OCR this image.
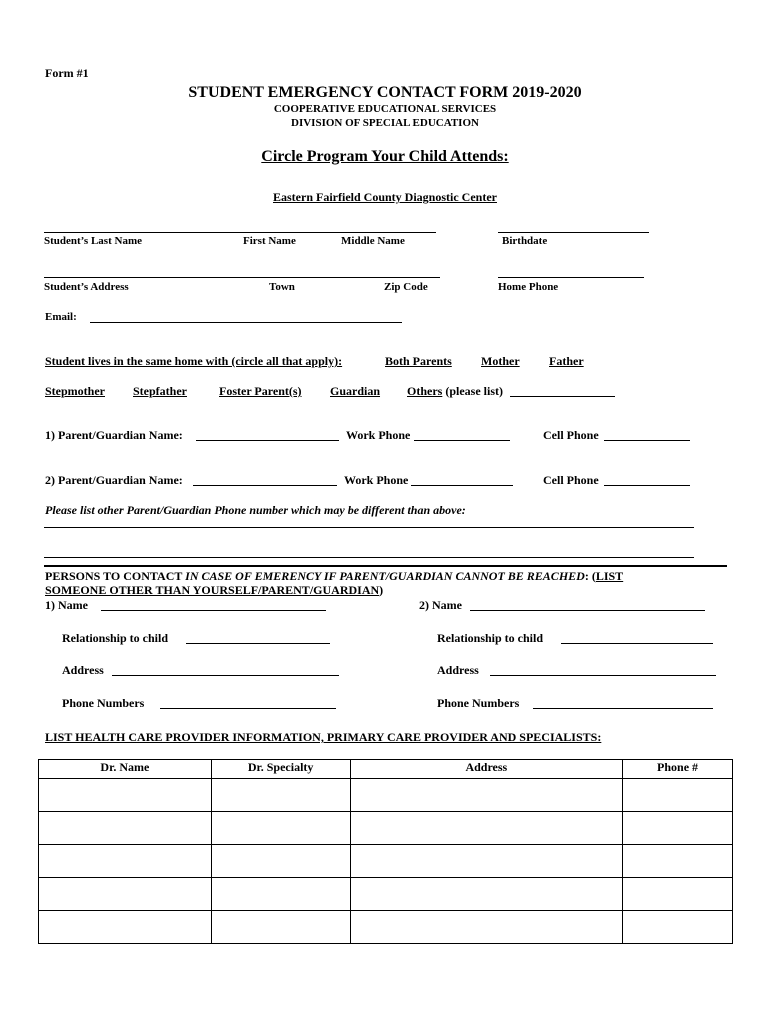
Form #1
STUDENT EMERGENCY CONTACT FORM 2019-2020
COOPERATIVE EDUCATIONAL SERVICES
DIVISION OF SPECIAL EDUCATION
Circle Program Your Child Attends:
Eastern Fairfield County Diagnostic Center
Student’s Last Name	First Name	Middle Name	Birthdate
Student’s Address	Town	Zip Code	Home Phone
Email:
Student lives in the same home with (circle all that apply):	Both Parents Mother Father
Stepmother Stepfather	Foster Parent(s) Guardian Others (please list)
1) Parent/Guardian Name:	Work Phone	Cell Phone
2) Parent/Guardian Name:	Work Phone	Cell Phone
Please list other Parent/Guardian Phone number which may be different than above:
PERSONS TO CONTACT IN CASE OF EMERENCY IF PARENT/GUARDIAN CANNOT BE REACHED: (LIST
SOMEONE OTHER THAN YOURSELF/PARENT/GUARDIAN)
1) Name	2) Name
Relationship to child	Relationship to child
Address	Address
Phone Numbers	Phone Numbers
LIST HEALTH CARE PROVIDER INFORMATION, PRIMARY CARE PROVIDER AND SPECIALISTS:
Dr. Name	Dr. Specialty	Address	Phone #
